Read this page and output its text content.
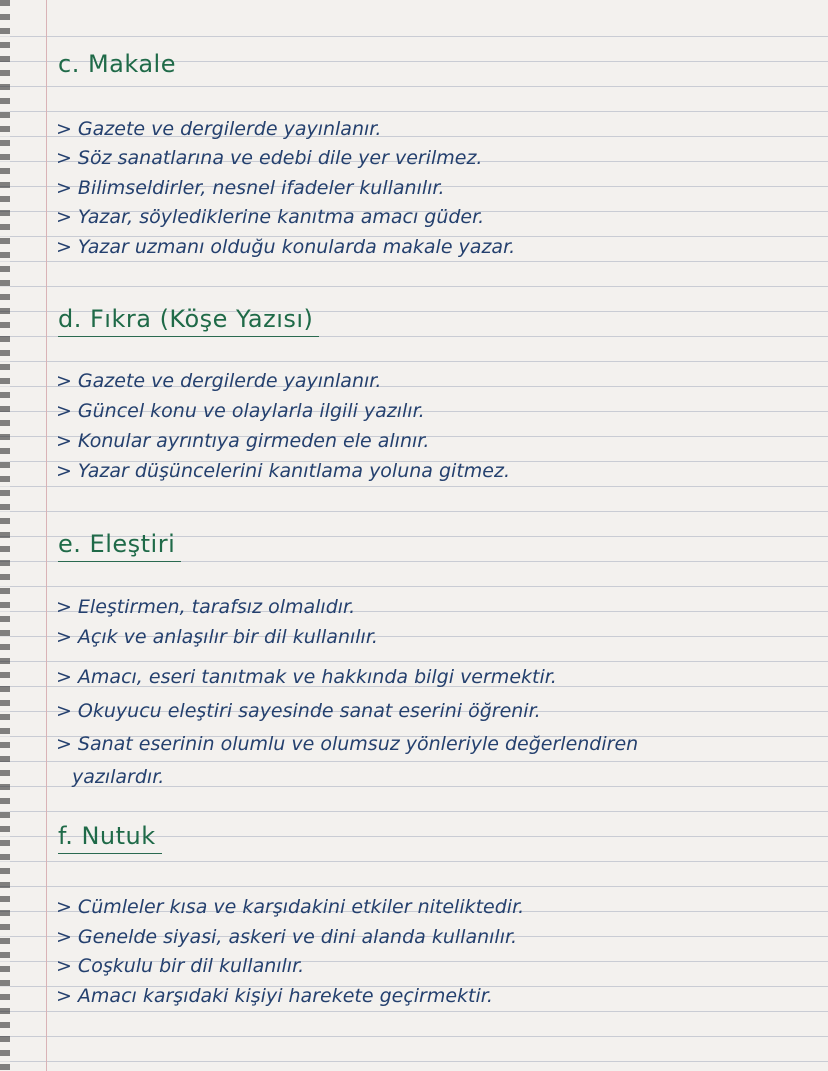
c. Makale
> Gazete ve dergilerde yayınlanır.
> Söz sanatlarına ve edebi dile yer verilmez.
> Bilimseldirler, nesnel ifadeler kullanılır.
> Yazar, söylediklerine kanıtma amacı güder.
> Yazar uzmanı olduğu konularda makale yazar.
d. Fıkra (Köşe Yazısı)
> Gazete ve dergilerde yayınlanır.
> Güncel konu ve olaylarla ilgili yazılır.
> Konular ayrıntıya girmeden ele alınır.
> Yazar düşüncelerini kanıtlama yoluna gitmez.
e. Eleştiri
> Eleştirmen, tarafsız olmalıdır.
> Açık ve anlaşılır bir dil kullanılır.
> Amacı, eseri tanıtmak ve hakkında bilgi vermektir.
> Okuyucu eleştiri sayesinde sanat eserini öğrenir.
> Sanat eserinin olumlu ve olumsuz yönleriyle değerlendiren
yazılardır.
f. Nutuk
> Cümleler kısa ve karşıdakini etkiler niteliktedir.
> Genelde siyasi, askeri ve dini alanda kullanılır.
> Coşkulu bir dil kullanılır.
> Amacı karşıdaki kişiyi harekete geçirmektir.
